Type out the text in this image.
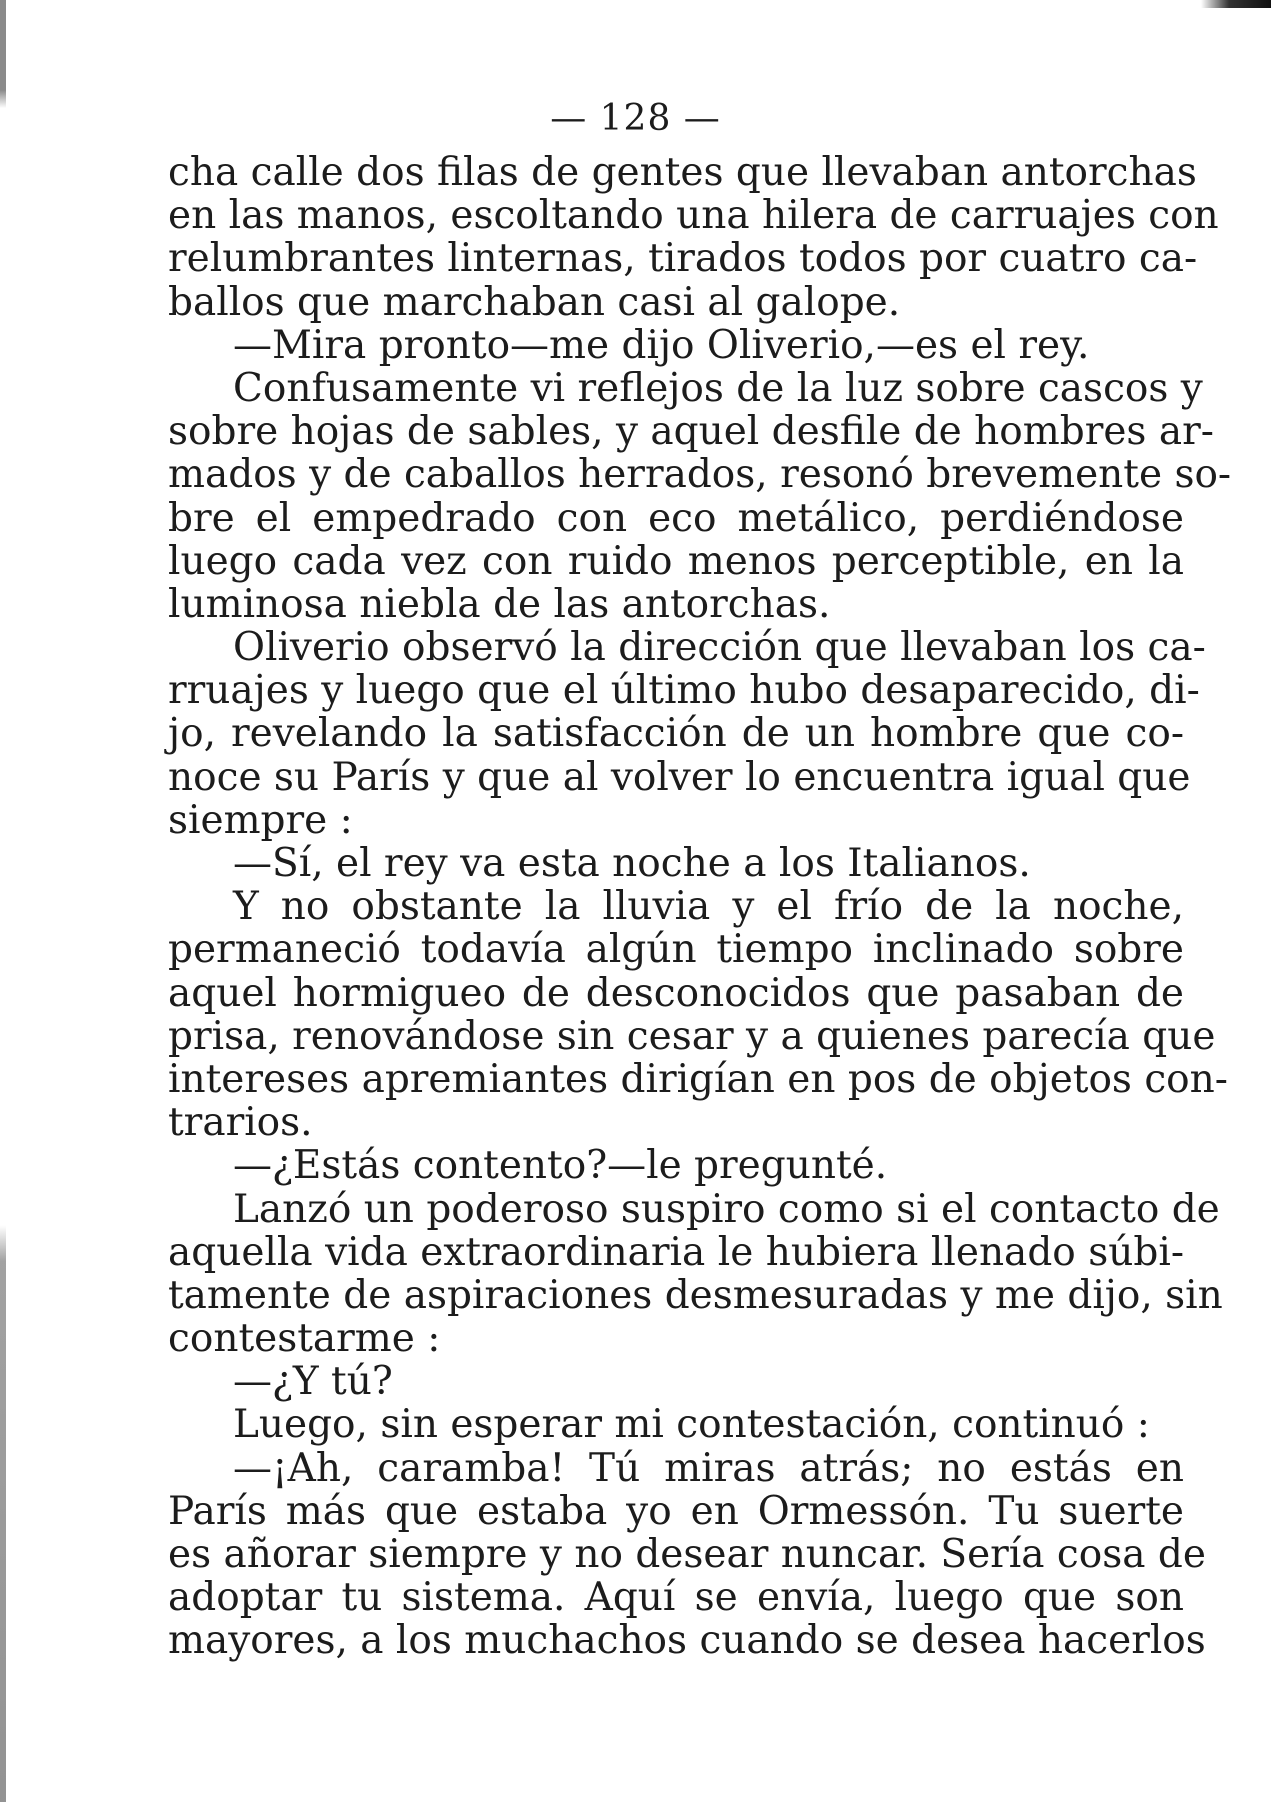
— 128 —
cha calle dos filas de gentes que llevaban antorchas
en las manos, escoltando una hilera de carruajes con
relumbrantes linternas, tirados todos por cuatro ca-
ballos que marchaban casi al galope.
—Mira pronto—me dijo Oliverio,—es el rey.
Confusamente vi reflejos de la luz sobre cascos y
sobre hojas de sables, y aquel desfile de hombres ar-
mados y de caballos herrados, resonó brevemente so-
bre el empedrado con eco metálico, perdiéndose
luego cada vez con ruido menos perceptible, en la
luminosa niebla de las antorchas.
Oliverio observó la dirección que llevaban los ca-
rruajes y luego que el último hubo desaparecido, di-
jo, revelando la satisfacción de un hombre que co-
noce su París y que al volver lo encuentra igual que
siempre :
—Sí, el rey va esta noche a los Italianos.
Y no obstante la lluvia y el frío de la noche,
permaneció todavía algún tiempo inclinado sobre
aquel hormigueo de desconocidos que pasaban de
prisa, renovándose sin cesar y a quienes parecía que
intereses apremiantes dirigían en pos de objetos con-
trarios.
—¿Estás contento?—le pregunté.
Lanzó un poderoso suspiro como si el contacto de
aquella vida extraordinaria le hubiera llenado súbi-
tamente de aspiraciones desmesuradas y me dijo, sin
contestarme :
—¿Y tú?
Luego, sin esperar mi contestación, continuó :
—¡Ah, caramba! Tú miras atrás; no estás en
París más que estaba yo en Ormessón. Tu suerte
es añorar siempre y no desear nuncar. Sería cosa de
adoptar tu sistema. Aquí se envía, luego que son
mayores, a los muchachos cuando se desea hacerlos
